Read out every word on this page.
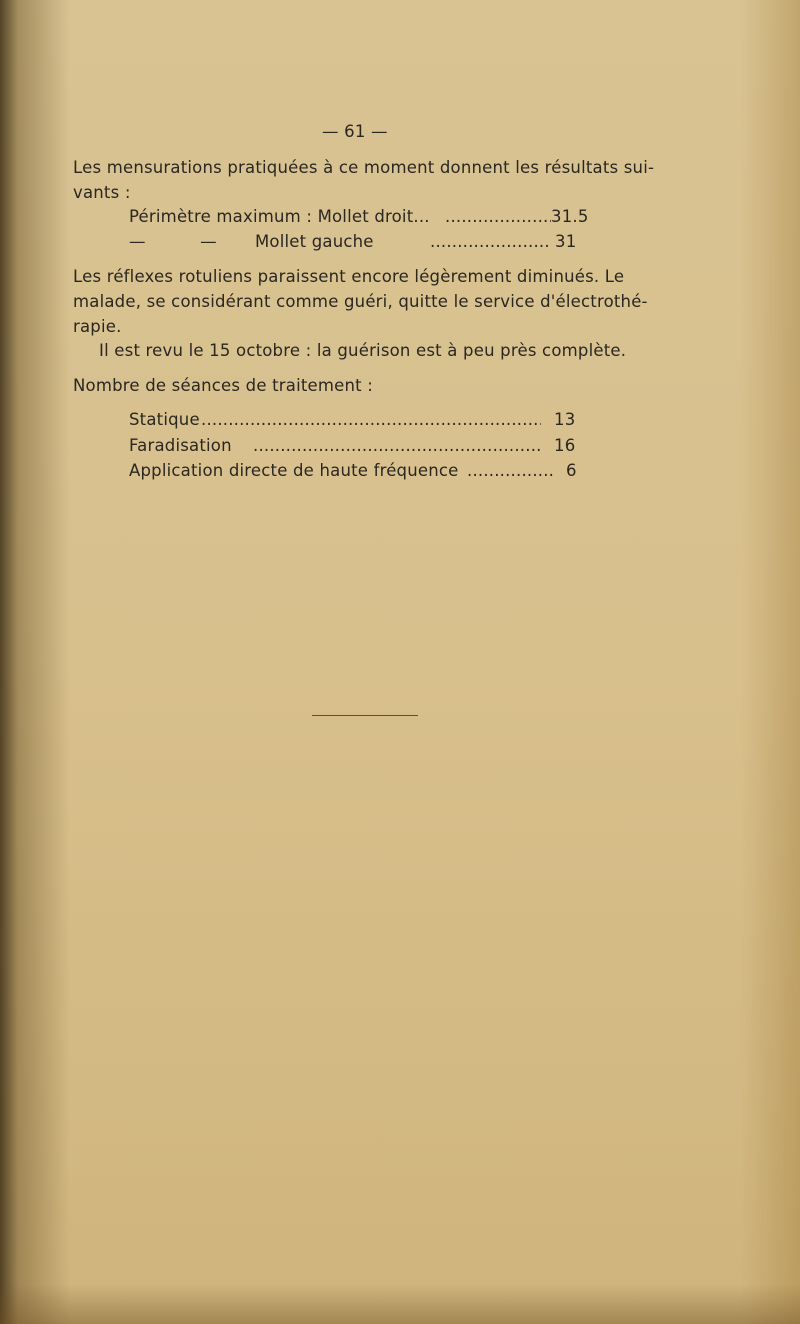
— 61 —
Les mensurations pratiquées à ce moment donnent les résultats sui-
vants :
Périmètre maximum : Mollet droit... .....	31.5
—          —       Mollet gauche .....	31
Les réflexes rotuliens paraissent encore légèrement diminués. Le
malade, se considérant comme guéri, quitte le service d'électrothé-
rapie.
Il est revu le 15 octobre : la guérison est à peu près complète.
Nombre de séances de traitement :
Statique .....	13
Faradisation .....	16
Application directe de haute fréquence .....	6
